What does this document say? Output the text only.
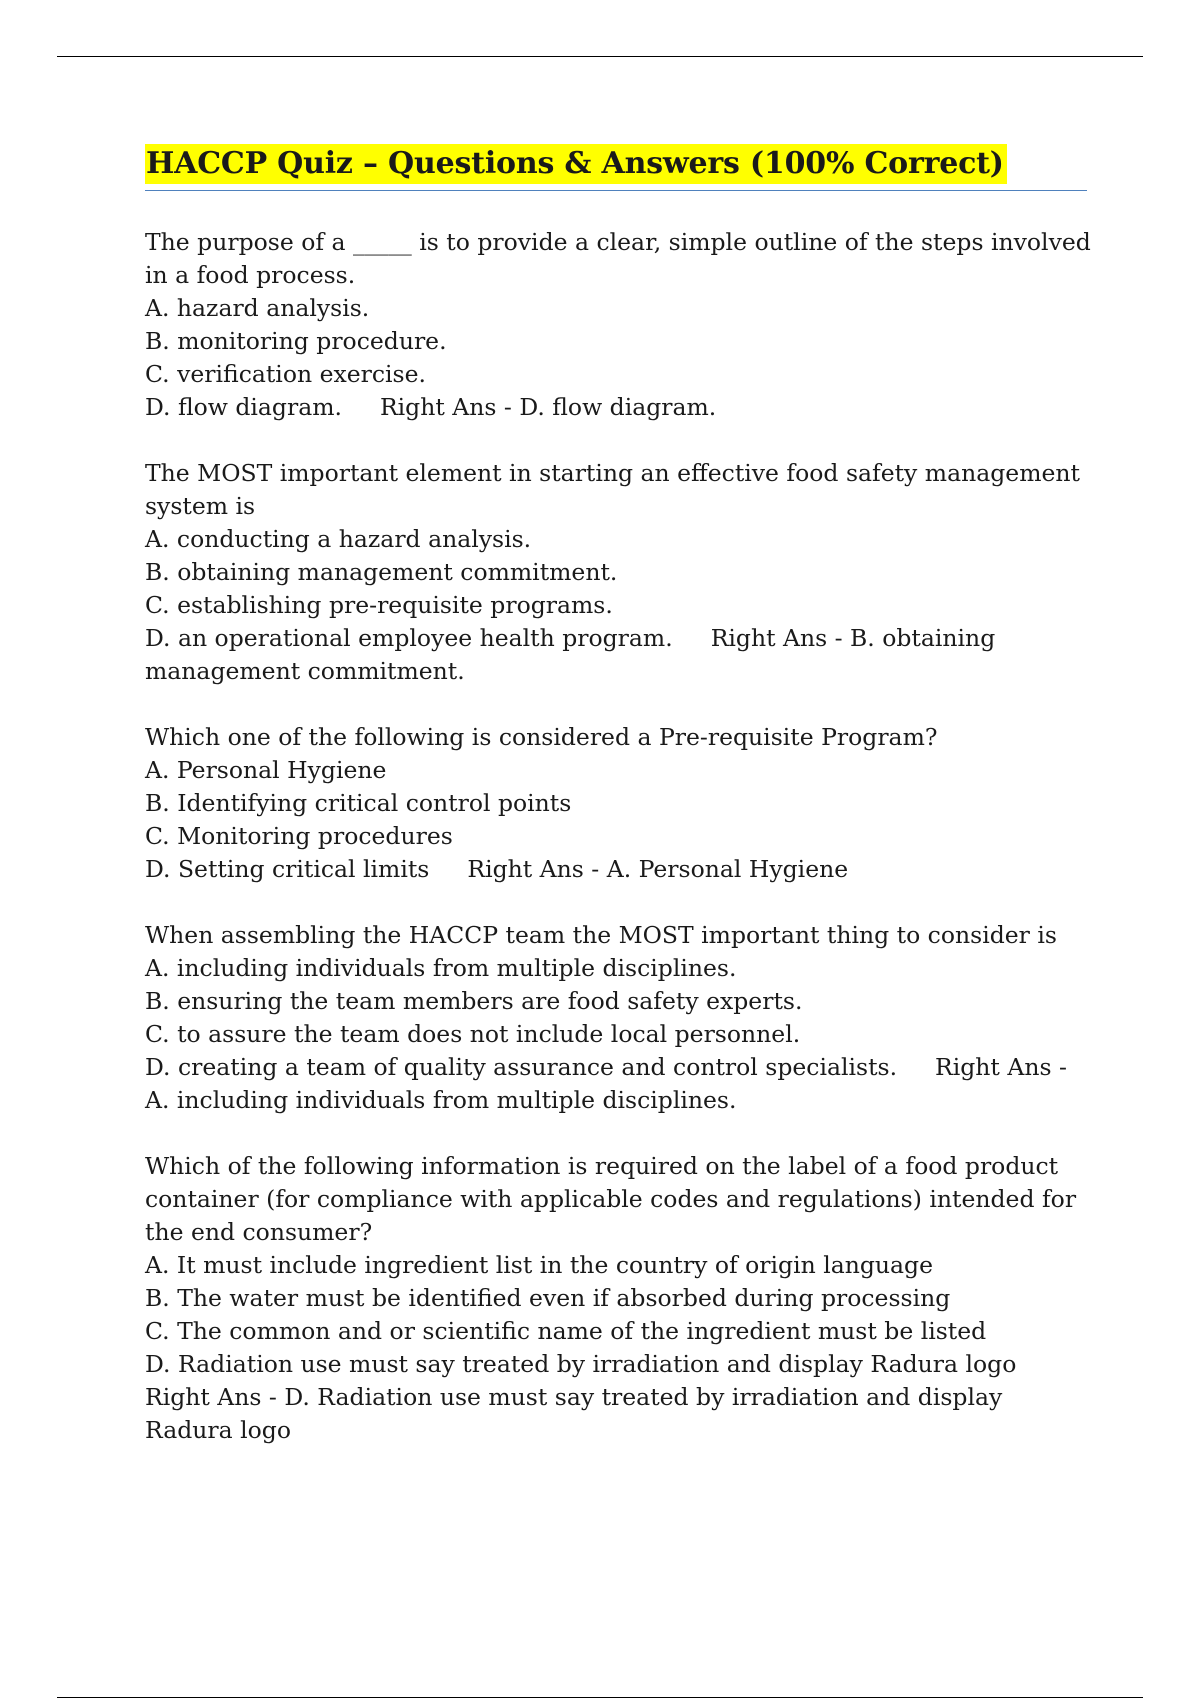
HACCP Quiz – Questions & Answers (100% Correct)
The purpose of a _____ is to provide a clear, simple outline of the steps involved in a food process.
A. hazard analysis.
B. monitoring procedure.
C. verification exercise.
D. flow diagram. Right Ans - D. flow diagram.
The MOST important element in starting an effective food safety management system is
A. conducting a hazard analysis.
B. obtaining management commitment.
C. establishing pre-requisite programs.
D. an operational employee health program. Right Ans - B. obtaining management commitment.
Which one of the following is considered a Pre-requisite Program?
A. Personal Hygiene
B. Identifying critical control points
C. Monitoring procedures
D. Setting critical limits Right Ans - A. Personal Hygiene
When assembling the HACCP team the MOST important thing to consider is
A. including individuals from multiple disciplines.
B. ensuring the team members are food safety experts.
C. to assure the team does not include local personnel.
D. creating a team of quality assurance and control specialists. Right Ans - A. including individuals from multiple disciplines.
Which of the following information is required on the label of a food product container (for compliance with applicable codes and regulations) intended for the end consumer?
A. It must include ingredient list in the country of origin language
B. The water must be identified even if absorbed during processing
C. The common and or scientific name of the ingredient must be listed
D. Radiation use must say treated by irradiation and display Radura logo
Right Ans - D. Radiation use must say treated by irradiation and display Radura logo
